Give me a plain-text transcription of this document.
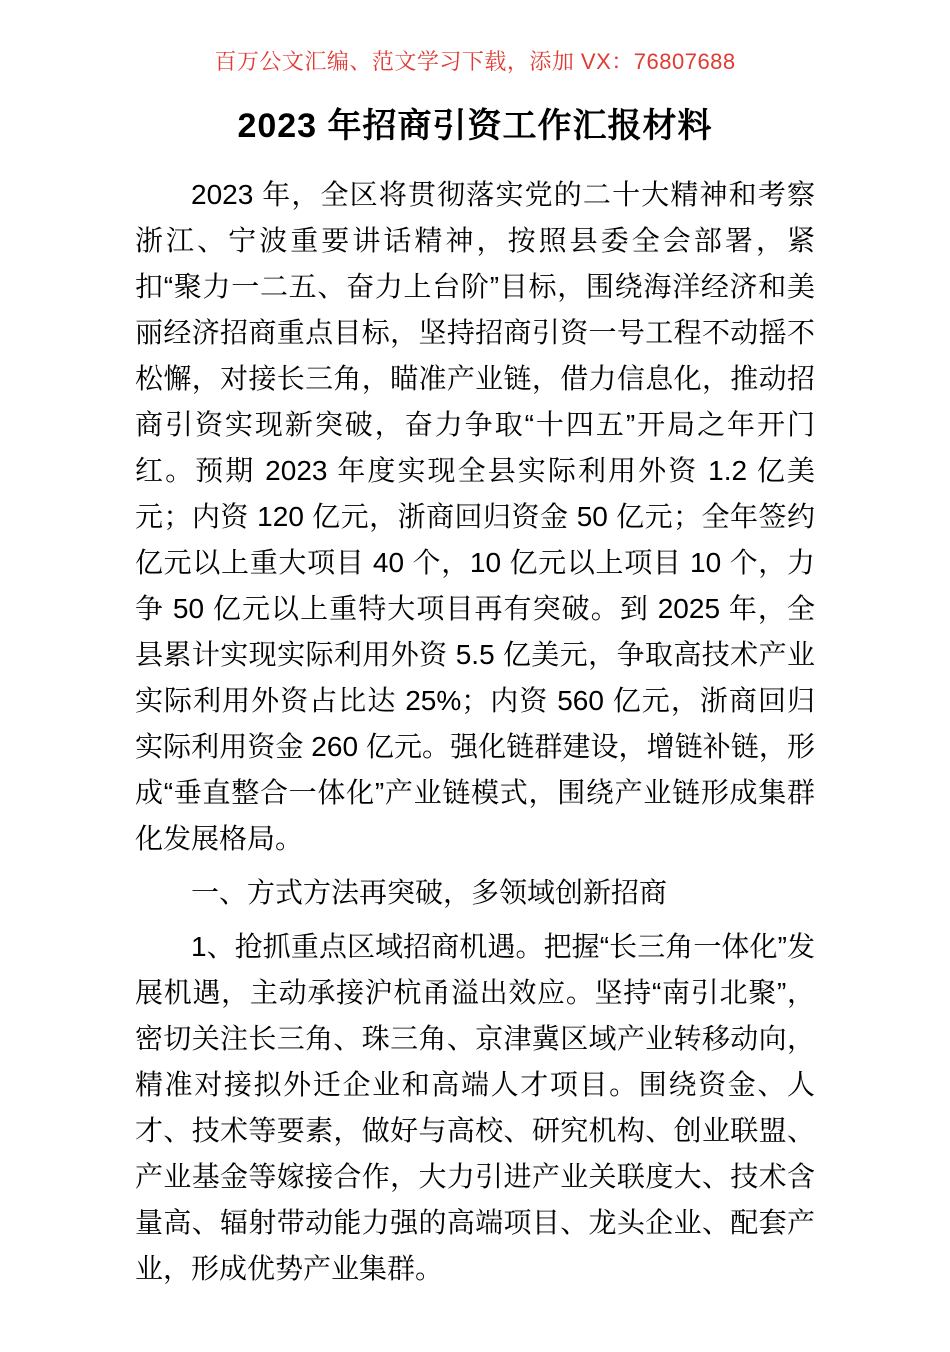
百万公文汇编、范文学习下载，添加 VX：76807688
2023 年招商引资工作汇报材料

2023 年，全区将贯彻落实党的二十大精神和考察浙江、宁波重要讲话精神，按照县委全会部署，紧扣“聚力一二五、奋力上台阶”目标，围绕海洋经济和美丽经济招商重点目标，坚持招商引资一号工程不动摇不松懈，对接长三角，瞄准产业链，借力信息化，推动招商引资实现新突破，奋力争取“十四五”开局之年开门红。预期 2023 年度实现全县实际利用外资 1.2 亿美元；内资 120 亿元，浙商回归资金 50 亿元；全年签约亿元以上重大项目 40 个，10 亿元以上项目 10 个，力争 50 亿元以上重特大项目再有突破。到 2025 年，全县累计实现实际利用外资 5.5 亿美元，争取高技术产业实际利用外资占比达 25%；内资 560 亿元，浙商回归实际利用资金 260 亿元。强化链群建设，增链补链，形成“垂直整合一体化”产业链模式，围绕产业链形成集群化发展格局。

一、方式方法再突破，多领域创新招商

1、抢抓重点区域招商机遇。把握“长三角一体化”发展机遇，主动承接沪杭甬溢出效应。坚持“南引北聚”，密切关注长三角、珠三角、京津冀区域产业转移动向，精准对接拟外迁企业和高端人才项目。围绕资金、人才、技术等要素，做好与高校、研究机构、创业联盟、产业基金等嫁接合作，大力引进产业关联度大、技术含量高、辐射带动能力强的高端项目、龙头企业、配套产业，形成优势产业集群。
